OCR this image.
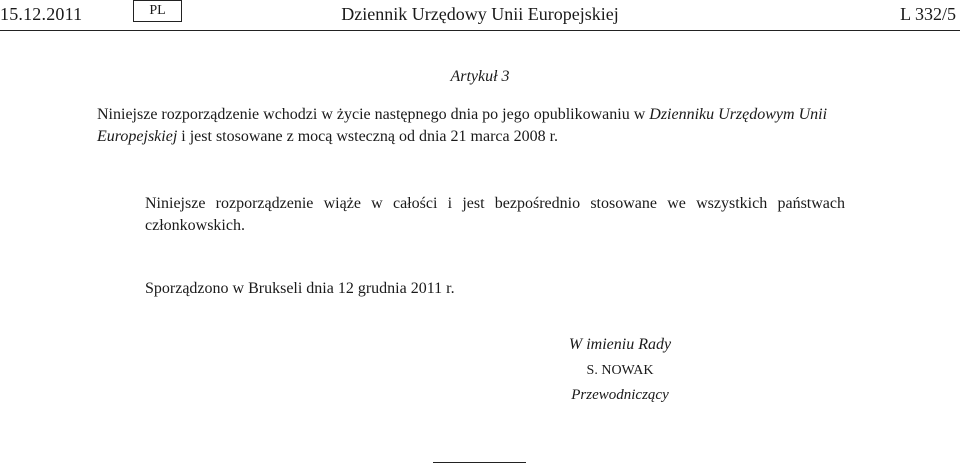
15.12.2011	PL	Dziennik Urzędowy Unii Europejskiej	L 332/5
Artykuł 3
Niniejsze rozporządzenie wchodzi w życie następnego dnia po jego opublikowaniu w Dzienniku Urzędowym Unii Europejskiej i jest stosowane z mocą wsteczną od dnia 21 marca 2008 r.
Niniejsze rozporządzenie wiąże w całości i jest bezpośrednio stosowane we wszystkich państwach członkowskich.
Sporządzono w Brukseli dnia 12 grudnia 2011 r.
W imieniu Rady
S. NOWAK
Przewodniczący
